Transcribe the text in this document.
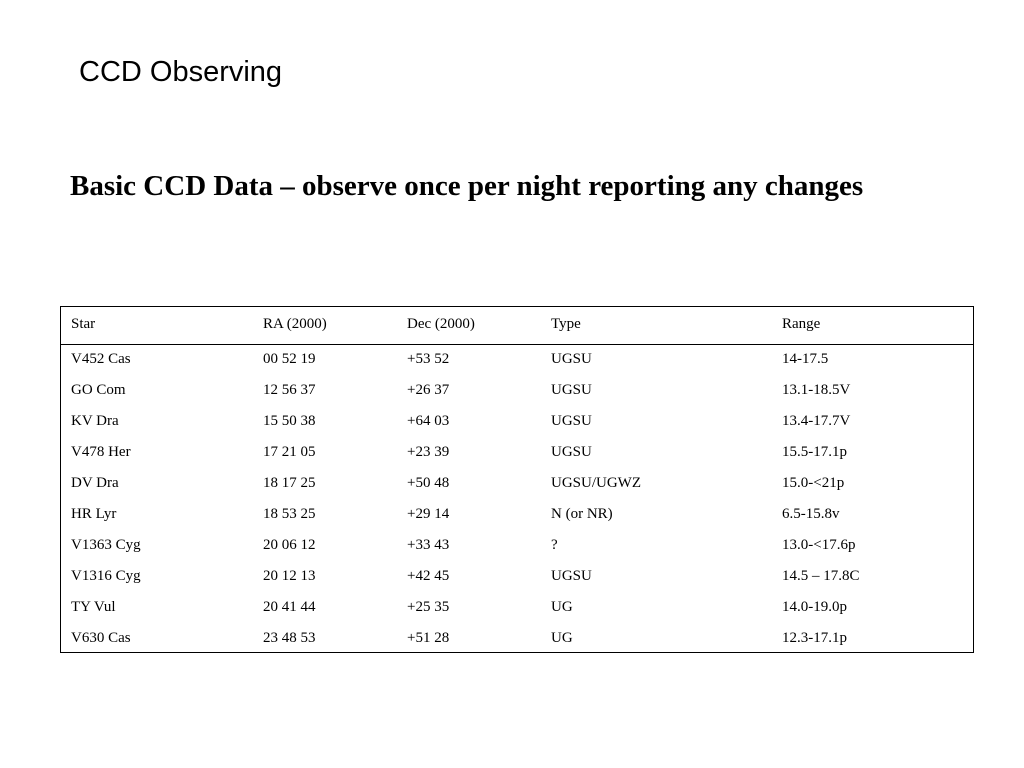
CCD Observing
Basic CCD Data – observe once per night reporting any changes
Star	RA (2000)	Dec (2000)	Type	Range
V452 Cas	00 52 19	+53 52	UGSU	14-17.5
GO Com	12 56 37	+26 37	UGSU	13.1-18.5V
KV Dra	15 50 38	+64 03	UGSU	13.4-17.7V
V478 Her	17 21 05	+23 39	UGSU	15.5-17.1p
DV Dra	18 17 25	+50 48	UGSU/UGWZ	15.0-<21p
HR Lyr	18 53 25	+29 14	N (or NR)	6.5-15.8v
V1363 Cyg	20 06 12	+33 43	?	13.0-<17.6p
V1316 Cyg	20 12 13	+42 45	UGSU	14.5 – 17.8C
TY Vul	20 41 44	+25 35	UG	14.0-19.0p
V630 Cas	23 48 53	+51 28	UG	12.3-17.1p
